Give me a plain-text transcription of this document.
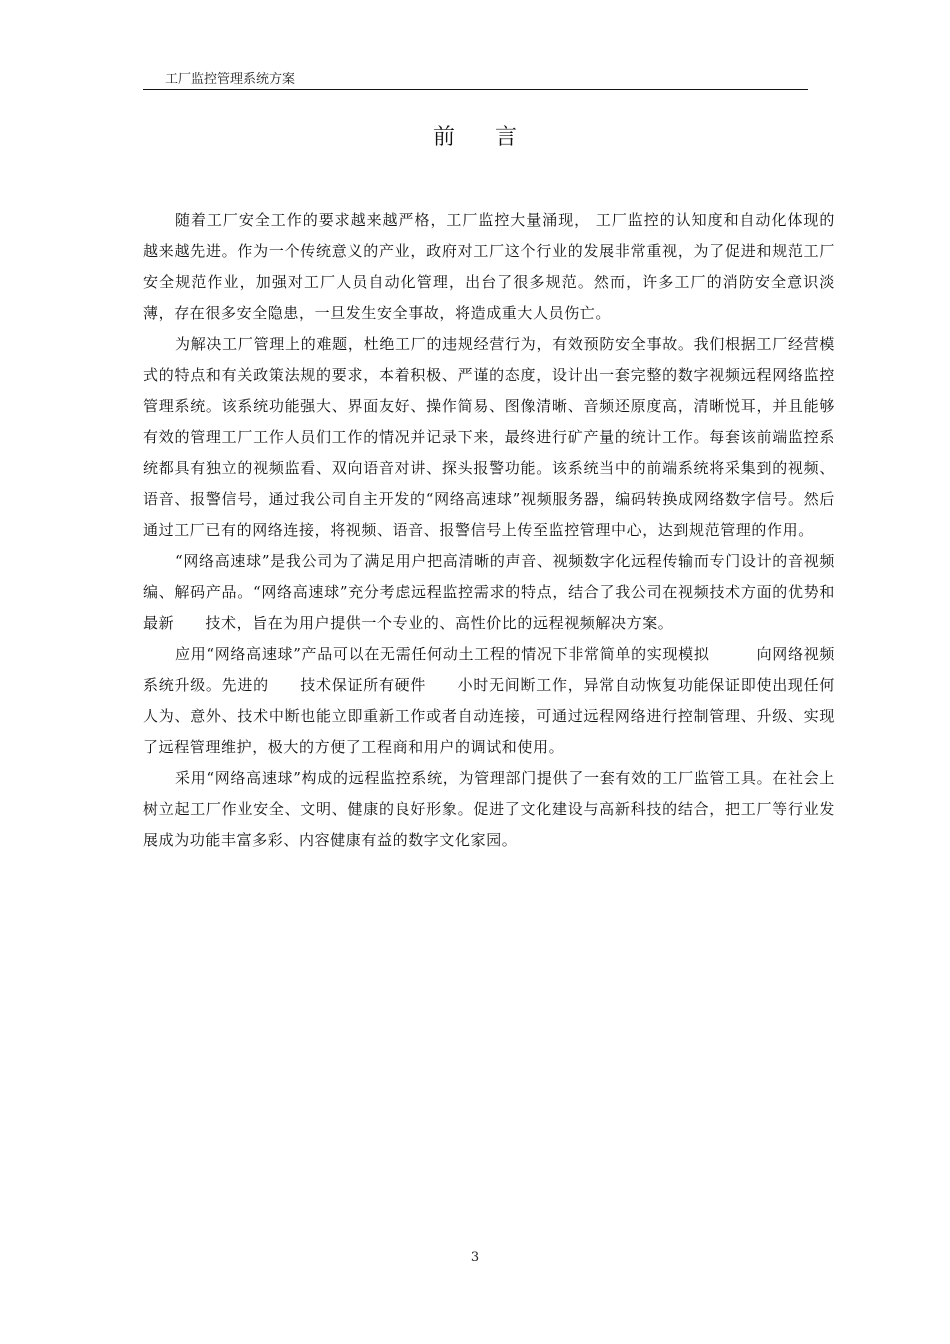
工厂监控管理系统方案
前言

随着工厂安全工作的要求越来越严格，工厂监控大量涌现， 工厂监控的认知度和自动化体现的越来越先进。作为一个传统意义的产业，政府对工厂这个行业的发展非常重视，为了促进和规范工厂安全规范作业，加强对工厂人员自动化管理，出台了很多规范。然而，许多工厂的消防安全意识淡薄，存在很多安全隐患，一旦发生安全事故，将造成重大人员伤亡。

为解决工厂管理上的难题，杜绝工厂的违规经营行为，有效预防安全事故。我们根据工厂经营模式的特点和有关政策法规的要求，本着积极、严谨的态度，设计出一套完整的数字视频远程网络监控管理系统。该系统功能强大、界面友好、操作简易、图像清晰、音频还原度高，清晰悦耳，并且能够有效的管理工厂工作人员们工作的情况并记录下来，最终进行矿产量的统计工作。每套该前端监控系统都具有独立的视频监看、双向语音对讲、探头报警功能。该系统当中的前端系统将采集到的视频、语音、报警信号，通过我公司自主开发的“网络高速球”视频服务器，编码转换成网络数字信号。然后通过工厂已有的网络连接，将视频、语音、报警信号上传至监控管理中心，达到规范管理的作用。

“网络高速球”是我公司为了满足用户把高清晰的声音、视频数字化远程传输而专门设计的音视频编、解码产品。“网络高速球”充分考虑远程监控需求的特点，结合了我公司在视频技术方面的优势和最新　　技术，旨在为用户提供一个专业的、高性价比的远程视频解决方案。

应用“网络高速球”产品可以在无需任何动土工程的情况下非常简单的实现模拟　　　向网络视频系统升级。先进的　　技术保证所有硬件　　小时无间断工作，异常自动恢复功能保证即使出现任何人为、意外、技术中断也能立即重新工作或者自动连接，可通过远程网络进行控制管理、升级、实现了远程管理维护，极大的方便了工程商和用户的调试和使用。

采用“网络高速球”构成的远程监控系统，为管理部门提供了一套有效的工厂监管工具。在社会上树立起工厂作业安全、文明、健康的良好形象。促进了文化建设与高新科技的结合，把工厂等行业发展成为功能丰富多彩、内容健康有益的数字文化家园。

3
